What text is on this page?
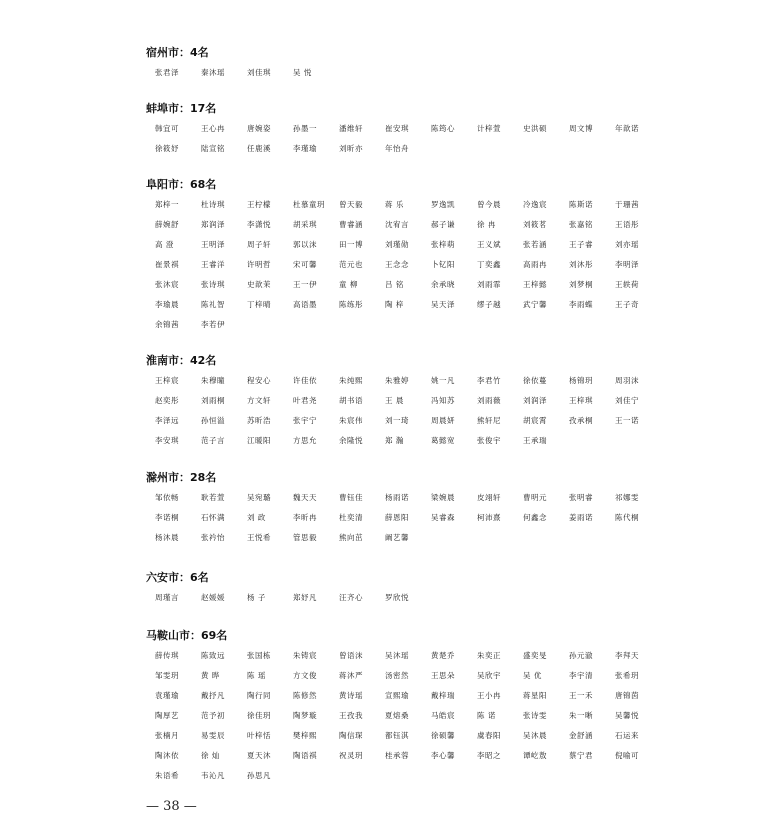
宿州市：4名
张君泽	秦沐瑶	刘佳琪	吴 悦
蚌埠市：17名
韩宜可	王心冉	唐婉姿	孙墨一	潘维轩	崔安琪	陈筠心	计梓萱	史洪硕	周文博	年歆诺
徐筱妤	陆宣铭	任鹿溪	李瑾瑜	刘昕亦	年怡舟
阜阳市：68名
郑梓一	杜诗琪	王柠檬	杜慕童玥	曾天毅	蒋 乐	罗逸凯	曾今晨	冷逸宸	陈斯诺	于珊茜
薛婉舒	郑润泽	李潇悦	胡采琪	曹睿涵	沈宥言	郝子谦	徐 冉	刘筱茗	张嘉铭	王语彤
高 澄	王明泽	周子轩	郭以沫	田一博	刘瑾勋	张梓萌	王义斌	张若涵	王子睿	刘亦瑶
崔景祺	王睿洋	许明哲	宋可馨	范元也	王念念	卜钇阳	丁奕鑫	高雨冉	刘沐彤	李明泽
张沐宸	张诗琪	史歆茉	王一伊	童 柳	吕 铭	余承晓	刘雨霏	王梓懿	刘梦桐	王轶荷
李瑜晨	陈礼智	丁梓晴	高语墨	陈练彤	陶 梓	吴天泽	缪子越	武宁馨	李雨蝶	王子奇
余锦茜	李若伊
淮南市：42名
王梓宸	朱穆瞳	程安心	许佳依	朱纯熙	朱雅婷	姚一凡	李君竹	徐依蔓	杨锦玥	周羽沫
赵奕彤	刘雨桐	方文轩	叶君尧	胡书语	王 晨	冯知苏	刘雨薇	刘润泽	王梓琪	刘佳宁
李泽远	孙恒溢	苏昕浩	张宇宁	朱宸伟	刘一琦	周晨妍	熊轩尼	胡宸霄	孜承桐	王一诺
李安琪	范子言	江暖阳	方思允	余隆悦	郑 瀚	葛懿宽	张俊宇	王承瑞
滁州市：28名
邹依畅	耿若萱	吴宛璐	魏天天	曹钰佳	杨雨诺	梁婉晨	皮翊轩	曹明元	张明睿	祁娜雯
李诺桐	石怀满	刘 政	李昕冉	杜奕清	薛恩阳	吴睿森	柯沛熹	何鑫念	姜雨诺	陈代桐
杨沐晨	张衿怡	王悦希	管思毅	熊向茁	阚艺馨
六安市：6名
周瑾言	赵媛媛	杨 子	郑妤凡	汪齐心	罗欣悦
马鞍山市：69名
薛传琪	陈致远	张国栋	朱铸宸	曾语沫	吴沐瑶	黄楚乔	朱奕正	盛奕旻	孙元澈	李拜天
邹雯玥	黄 晔	陈 瑶	方文俊	蒋沐严	汤密然	王思朵	吴欣宇	吴 优	李宇清	张希玥
袁瑾瑜	戴抒凡	陶行同	陈修然	黄诗瑶	宣熙瑜	戴梓瑞	王小冉	蒋星阳	王一禾	唐锦茵
陶厚艺	范予初	徐佳玥	陶梦璇	王孜我	夏熔桑	马皓宸	陈 诺	张诗雯	朱一晰	吴馨悦
张楠月	易雯辰	叶梓恬	樊梓熙	陶信琛	都钰淇	徐硕馨	虞春阳	吴沐晨	金舒涵	石运来
陶沐依	徐 灿	夏天沐	陶语祺	祝灵玥	桂承蓉	李心馨	李昭之	谭屹敖	蔡宁君	倪喻可
朱语希	韦沁凡	孙思凡
— 38 —
